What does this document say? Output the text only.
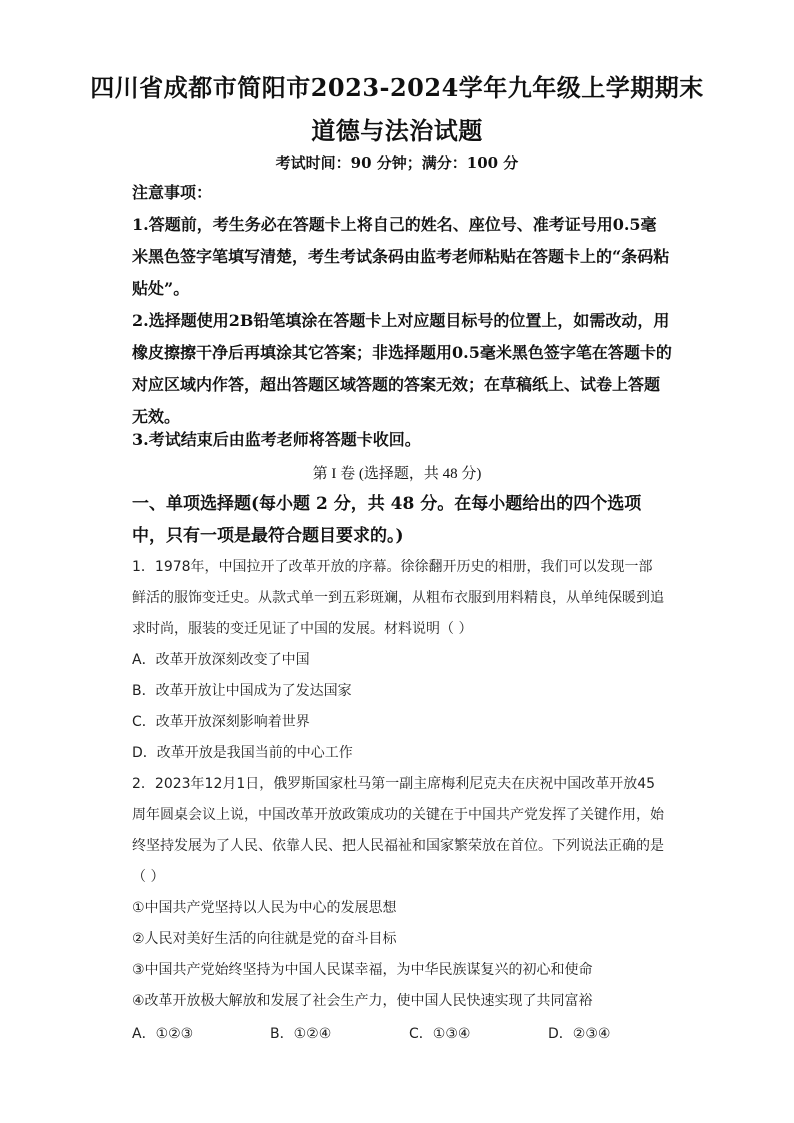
四川省成都市简阳市2023-2024学年九年级上学期期末
道德与法治试题
考试时间：90 分钟；满分：100 分
注意事项：
1.答题前，考生务必在答题卡上将自己的姓名、座位号、准考证号用0.5毫米黑色签字笔填写清楚，考生考试条码由监考老师粘贴在答题卡上的“条码粘贴处”。
2.选择题使用2B铅笔填涂在答题卡上对应题目标号的位置上，如需改动，用橡皮擦擦干净后再填涂其它答案；非选择题用0.5毫米黑色签字笔在答题卡的对应区域内作答，超出答题区域答题的答案无效；在草稿纸上、试卷上答题无效。
3.考试结束后由监考老师将答题卡收回。
第 I 卷 (选择题，共 48 分)
一、单项选择题(每小题 2 分，共 48 分。在每小题给出的四个选项中，只有一项是最符合题目要求的。)
1．1978年，中国拉开了改革开放的序幕。徐徐翻开历史的相册，我们可以发现一部鲜活的服饰变迁史。从款式单一到五彩斑斓，从粗布衣服到用料精良，从单纯保暖到追求时尚，服装的变迁见证了中国的发展。材料说明（ ）
A．改革开放深刻改变了中国
B．改革开放让中国成为了发达国家
C．改革开放深刻影响着世界
D．改革开放是我国当前的中心工作
2．2023年12月1日，俄罗斯国家杜马第一副主席梅利尼克夫在庆祝中国改革开放45周年圆桌会议上说，中国改革开放政策成功的关键在于中国共产党发挥了关键作用，始终坚持发展为了人民、依靠人民、把人民福祉和国家繁荣放在首位。下列说法正确的是（ ）
①中国共产党坚持以人民为中心的发展思想
②人民对美好生活的向往就是党的奋斗目标
③中国共产党始终坚持为中国人民谋幸福，为中华民族谋复兴的初心和使命
④改革开放极大解放和发展了社会生产力，使中国人民快速实现了共同富裕
A．①②③	B．①②④	C．①③④	D．②③④
